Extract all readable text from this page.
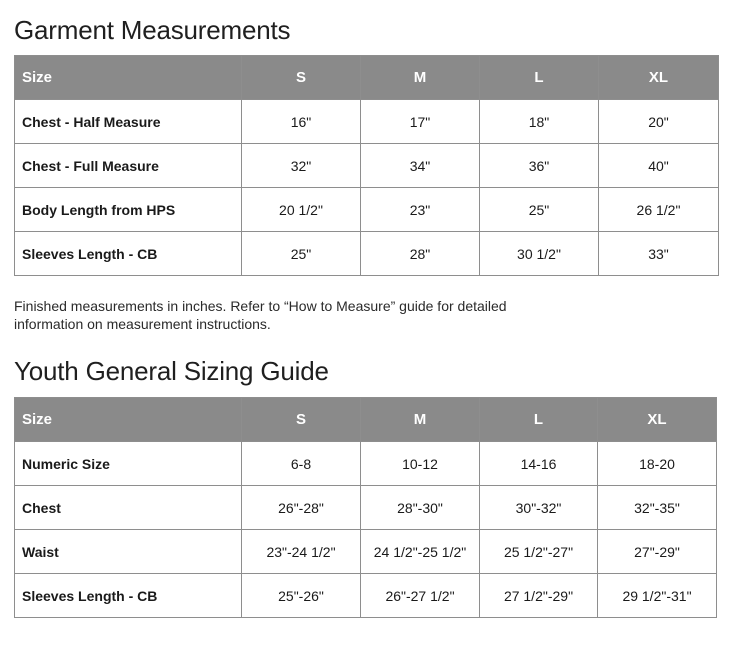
Garment Measurements
Size	S	M	L	XL
Chest - Half Measure	16"	17"	18"	20"
Chest - Full Measure	32"	34"	36"	40"
Body Length from HPS	20 1/2"	23"	25"	26 1/2"
Sleeves Length - CB	25"	28"	30 1/2"	33"

Finished measurements in inches. Refer to “How to Measure” guide for detailed
information on measurement instructions.

Youth General Sizing Guide
Size	S	M	L	XL
Numeric Size	6-8	10-12	14-16	18-20
Chest	26"-28"	28"-30"	30"-32"	32"-35"
Waist	23"-24 1/2"	24 1/2"-25 1/2"	25 1/2"-27"	27"-29"
Sleeves Length - CB	25"-26"	26"-27 1/2"	27 1/2"-29"	29 1/2"-31"
